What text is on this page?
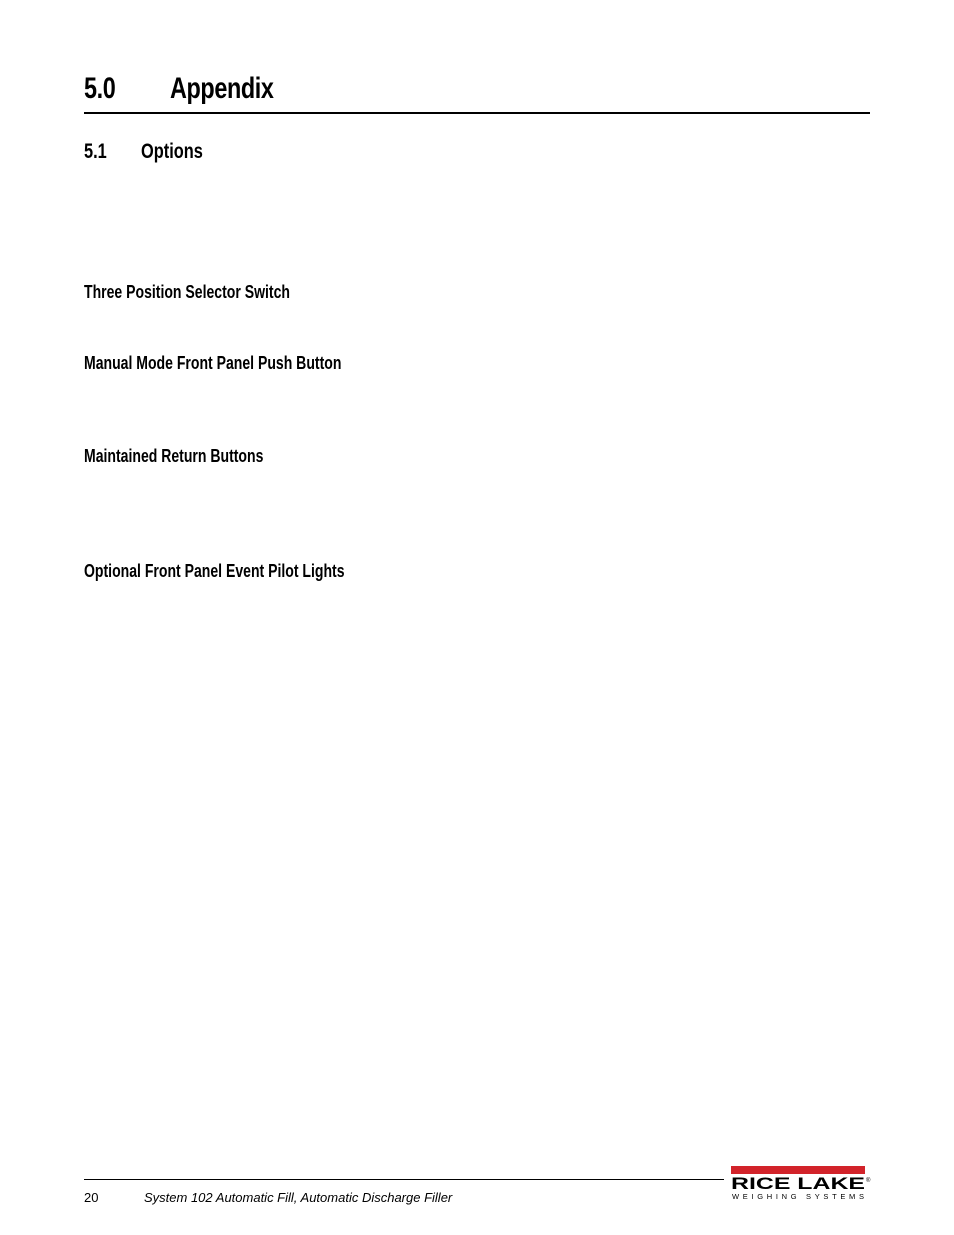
5.0 Appendix
5.1 Options
Three Position Selector Switch
Manual Mode Front Panel Push Button
Maintained Return Buttons
Optional Front Panel Event Pilot Lights
20	System 102 Automatic Fill, Automatic Discharge Filler
RICE LAKE ®
WEIGHING SYSTEMS
